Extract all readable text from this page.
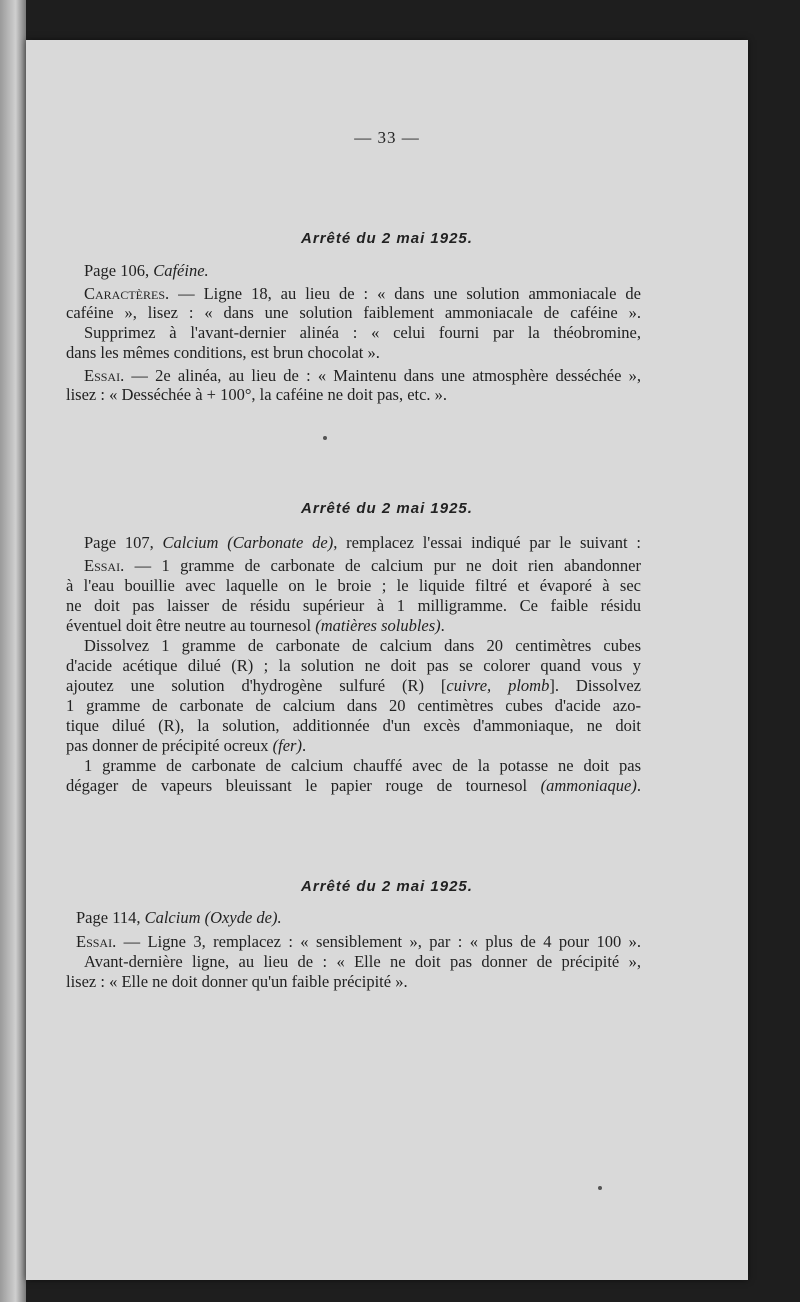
— 33 —
Arrêté du 2 mai 1925.
Page 106, Caféine.
Caractères. — Ligne 18, au lieu de : « dans une solution ammoniacale de
caféine », lisez : « dans une solution faiblement ammoniacale de caféine ».
Supprimez à l'avant-dernier alinéa : « celui fourni par la théobromine,
dans les mêmes conditions, est brun chocolat ».
Essai. — 2e alinéa, au lieu de : « Maintenu dans une atmosphère desséchée »,
lisez : « Desséchée à + 100°, la caféine ne doit pas, etc. ».
Arrêté du 2 mai 1925.
Page 107, Calcium (Carbonate de), remplacez l'essai indiqué par le suivant :
Essai. — 1 gramme de carbonate de calcium pur ne doit rien abandonner
à l'eau bouillie avec laquelle on le broie ; le liquide filtré et évaporé à sec
ne doit pas laisser de résidu supérieur à 1 milligramme. Ce faible résidu
éventuel doit être neutre au tournesol (matières solubles).
Dissolvez 1 gramme de carbonate de calcium dans 20 centimètres cubes
d'acide acétique dilué (R) ; la solution ne doit pas se colorer quand vous y
ajoutez une solution d'hydrogène sulfuré (R) [cuivre, plomb]. Dissolvez
1 gramme de carbonate de calcium dans 20 centimètres cubes d'acide azo-
tique dilué (R), la solution, additionnée d'un excès d'ammoniaque, ne doit
pas donner de précipité ocreux (fer).
1 gramme de carbonate de calcium chauffé avec de la potasse ne doit pas
dégager de vapeurs bleuissant le papier rouge de tournesol (ammoniaque).
Arrêté du 2 mai 1925.
Page 114, Calcium (Oxyde de).
Essai. — Ligne 3, remplacez : « sensiblement », par : « plus de 4 pour 100 ».
Avant-dernière ligne, au lieu de : « Elle ne doit pas donner de précipité »,
lisez : « Elle ne doit donner qu'un faible précipité ».
